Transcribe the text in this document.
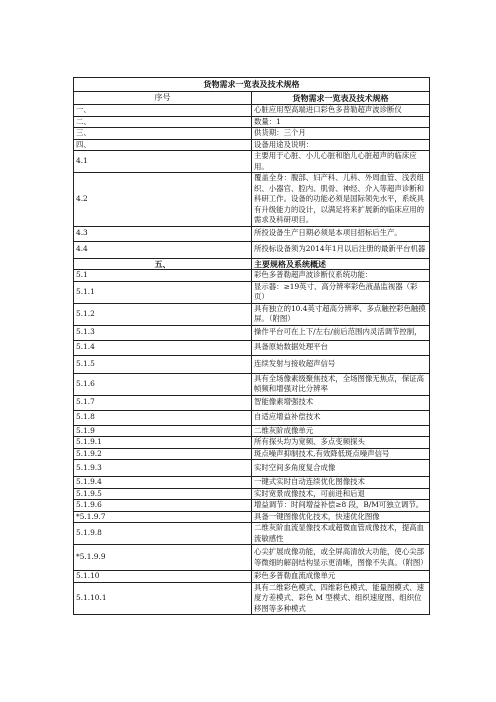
货物需求一览表及技术规格	
序号	货物需求一览表及技术规格
一、	心脏应用型高端进口彩色多普勒超声波诊断仪
二、	数量：1
三、	供货期：三个月
四、	设备用途及说明：
4.1	主要用于心脏、小儿心脏和胎儿心脏超声的临床应用。
4.2	覆盖全身：腹部、妇产科、儿科、外周血管、浅表组织、小器官、腔内、肌骨、神经、介入等超声诊断和科研工作。设备的功能必须是国际领先水平，系统具有升级能力的设计，以满足将来扩展新的临床应用的需求及科研项目。
4.3	所投设备生产日期必须是本项目招标后生产。
4.4	所投标设备须为2014年1月以后注册的最新平台机器
五、	主要规格及系统概述
5.1	彩色多普勒超声波诊断仪系统功能：
5.1.1	显示器：≥19英寸、高分辨率彩色液晶监视器（彩页）
5.1.2	具有独立的10.4英寸超高分辨率、多点触控彩色触摸屏。（附图）
5.1.3	操作平台可在上下/左右/前后范围内灵活调节控制，
5.1.4	具备原始数据处理平台
5.1.5	连续发射与接收超声信号
5.1.6	具有全场像素级聚焦技术，全场图像无焦点，保证高帧频和增强对比分辨率
5.1.7	智能像素增强技术
5.1.8	自适应增益补偿技术
5.1.9	二维灰阶成像单元
5.1.9.1	所有探头均为宽频、多点变频探头
5.1.9.2	斑点噪声抑制技术,有效降低斑点噪声信号
5.1.9.3	实时空间多角度复合成像
5.1.9.4	一键式实时自动连续优化图像技术
5.1.9.5	实时宽景成像技术，可前进和后退
5.1.9.6	增益调节：时间增益补偿≥8 段，B/M可独立调节。
*5.1.9.7	具备一键图像优化技术，快速优化图像
5.1.9.8	二维灰阶血流显像技术或超微血管成像技术，提高血流敏感性
*5.1.9.9	心尖扩展成像功能，或全屏高清放大功能，使心尖部等微细的解剖结构显示更清晰，图像不失真。（附图）
5.1.10	彩色多普勒血流成像单元
5.1.10.1	具有二维彩色模式、四维彩色模式、能量图模式、速度方差模式、彩色 M 型模式、组织速度图、组织位移图等多种模式
